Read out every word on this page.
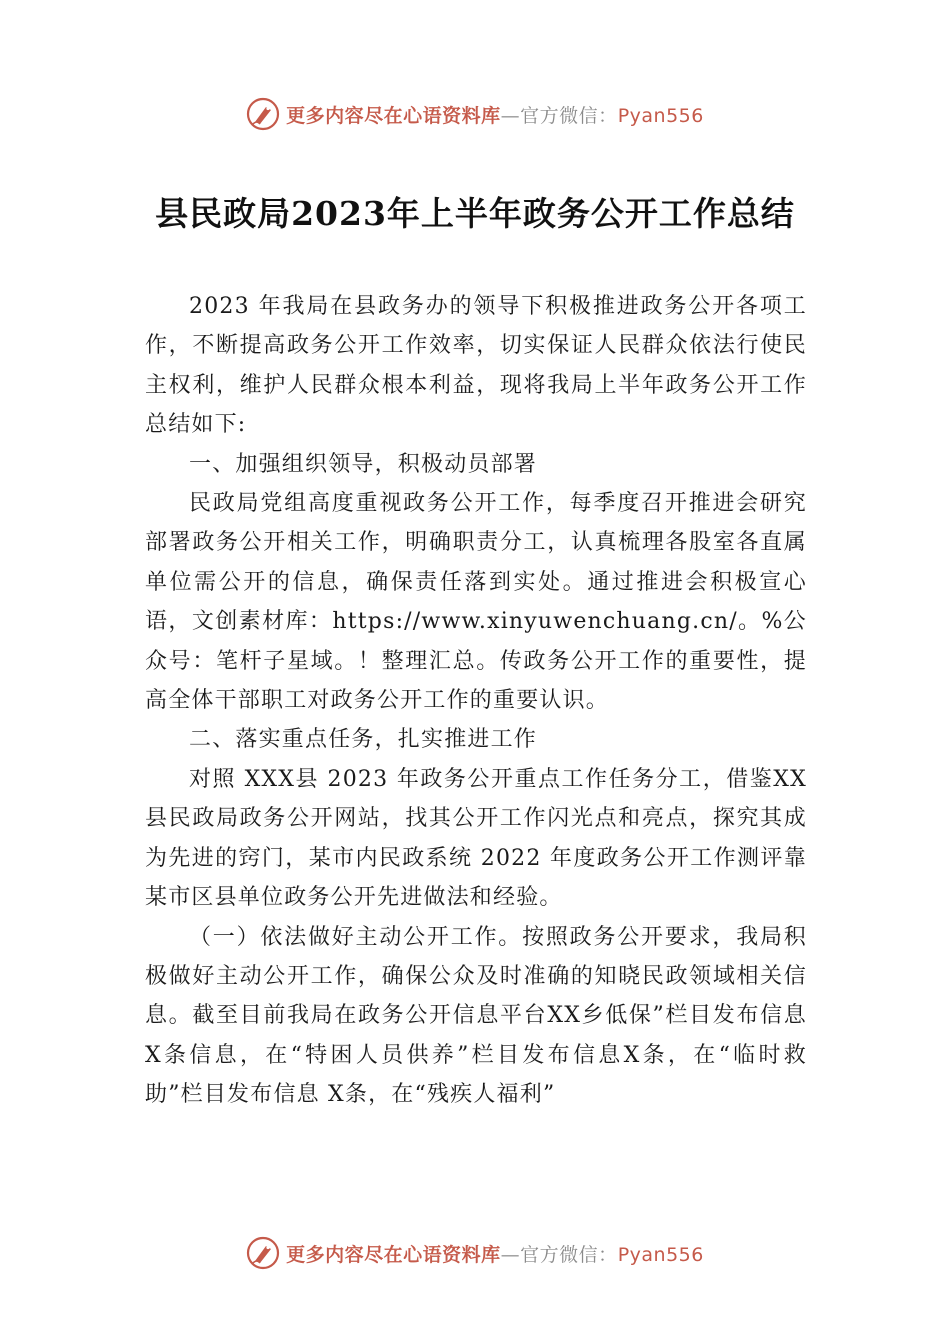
更多内容尽在心语资料库—官方微信：Pyan556
县民政局2023年上半年政务公开工作总结

2023 年我局在县政务办的领导下积极推进政务公开各项工作，不断提高政务公开工作效率，切实保证人民群众依法行使民主权利，维护人民群众根本利益，现将我局上半年政务公开工作总结如下:

一、加强组织领导，积极动员部署

民政局党组高度重视政务公开工作，每季度召开推进会研究部署政务公开相关工作，明确职责分工，认真梳理各股室各直属单位需公开的信息，确保责任落到实处。通过推进会积极宣心语，文创素材库：https://www.xinyuwenchuang.cn/。%公众号：笔杆子星域。！整理汇总。传政务公开工作的重要性，提高全体干部职工对政务公开工作的重要认识。

二、落实重点任务，扎实推进工作

对照 XXX县 2023 年政务公开重点工作任务分工，借鉴XX县民政局政务公开网站，找其公开工作闪光点和亮点，探究其成为先进的窍门，某市内民政系统 2022 年度政务公开工作测评靠某市区县单位政务公开先进做法和经验。

（一）依法做好主动公开工作。按照政务公开要求，我局积极做好主动公开工作，确保公众及时准确的知晓民政领域相关信息。截至目前我局在政务公开信息平台XX乡低保”栏目发布信息 X条信息，在“特困人员供养”栏目发布信息X条，在“临时救助”栏目发布信息 X条，在“残疾人福利”

更多内容尽在心语资料库—官方微信：Pyan556
